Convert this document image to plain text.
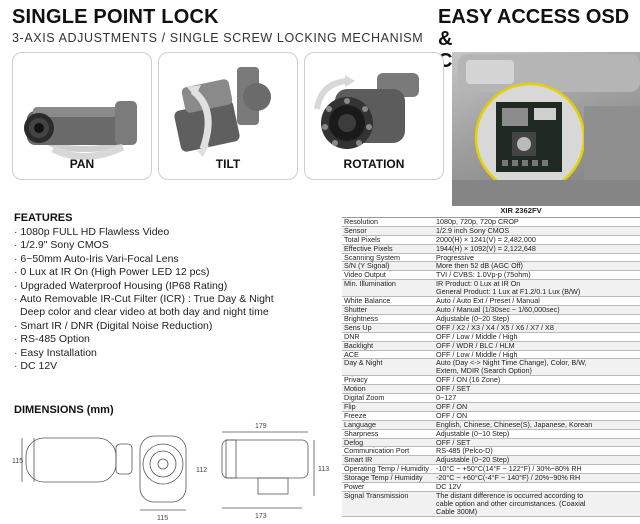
SINGLE POINT LOCK
3-AXIS ADJUSTMENTS / SINGLE SCREW LOCKING MECHANISM
EASY ACCESS OSD &
PAN	TILT	ROTATION
FEATURES
· 1080p FULL HD Flawless Video
· 1/2.9" Sony CMOS
· 6~50mm Auto-Iris Vari-Focal Lens
· 0 Lux at IR On (High Power LED 12 pcs)
· Upgraded Waterproof Housing (IP68 Rating)
· Auto Removable IR-Cut Filter (ICR) : True Day & Night
Deep color and clear video at both day and night time
· Smart IR / DNR (Digital Noise Reduction)
· RS-485 Option
· Easy Installation
· DC 12V
DIMENSIONS (mm)
115
112
115
179
173
113
XIR 2362FV	
Resolution	1080p, 720p, 720p CROP
Sensor	1/2.9 inch Sony CMOS
Total Pixels	2000(H) × 1241(V) = 2,482,000
Effective Pixels	1944(H) × 1092(V) = 2,122,648
Scanning System	Progressive
S/N (Y Signal)	More then 52 dB (AGC Off)
Video Output	TVI / CVBS: 1.0Vp-p (75ohm)
Min. Illumination	IR Product: 0 Lux at IR On
General Product: 1 Lux at F1.2/0.1 Lux (B/W)
White Balance	Auto / Auto Ext / Preset / Manual
Shutter	Auto / Manual (1/30sec ~ 1/60,000sec)
Brightness	Adjustable (0~20 Step)
Sens Up	OFF / X2 / X3 / X4 / X5 / X6 / X7 / X8
DNR	OFF / Low / Middle / High
Backlight	OFF / WDR / BLC / HLM
ACE	OFF / Low / Middle / High
Day & Night	Auto (Day <-> Night Time Change), Color, B/W,
Extern, MDIR (Search Option)
Privacy	OFF / ON (16 Zone)
Motion	OFF / SET
Digital Zoom	0~127
Flip	OFF / ON
Freeze	OFF / ON
Language	English, Chinese, Chinese(S), Japanese, Korean
Sharpness	Adjustable (0~10 Step)
Defog	OFF / SET
Communication Port	RS-485 (Pelco-D)
Smart IR	Adjustable (0~20 Step)
Operating Temp / Humidity	-10°C ~ +50°C(14°F ~ 122°F) / 30%~80% RH
Storage Temp / Humidity	-20°C ~ +60°C(-4°F ~ 140°F) / 20%~90% RH
Power	DC 12V
Signal Transmission	The distant difference is occurred according to
cable option and other circumstances. (Coaxial
Cable 300M)
